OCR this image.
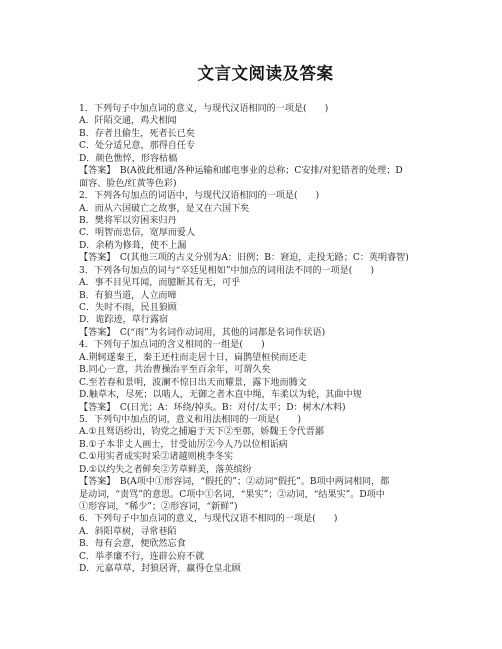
文言文阅读及答案
1．下列句子中加点词的意义，与现代汉语相同的一项是(　　)
A．阡陌交通，鸡犬相闻
B．存者且偷生，死者长已矣
C．处分适兄意，那得自任专
D．颜色憔悴，形容枯槁
【答案】　B(A彼此相通/各种运输和邮电事业的总称；C安排/对犯错者的处理；D
面容、脸色/红黄等色彩)
2．下列各句加点的词语中，与现代汉语相同的一项是(　　)
A．而从六国破亡之故事，是又在六国下矣
B．樊将军以穷困来归丹
C．明智而忠信，宽厚而爱人
D．余稍为修葺，使不上漏
【答案】　C(其他三项的古义分别为A：旧例；B：窘迫，走投无路；C：英明睿智)
3．下列各句加点的词与“卒廷见相如”中加点的词用法不同的一项是(　　)
A．事不目见耳闻，而臆断其有无，可乎
B．有狼当道，人立而啼
C．失时不雨，民且狼顾
D．诡踪迹，草行露宿
【答案】　C(“雨”为名词作动词用，其他的词都是名词作状语)
4．下列句子加点词的含义相同的一组是(　　)
A.荆轲遂秦王，秦王还柱而走居十日，扁鹊望桓侯而还走
B.同心一意，共治曹操治平至百余年，可谓久矣
C.至若春和景明，波澜不惊日出天而耀景，露下地而腾文
D.触草木，尽死；以啮人，无御之者木直中绳，车柔以为轮，其曲中规
【答案】　C(日光；A：环绕/掉头。B：对付/太平；D：树木/木料)
5．下列句中加点的词，意义和用法相同的一项是(　　)
A.①且驽语纷出，钧党之捕遍于天下②至鄣，娇魏王令代晋鄙
B.①子本非丈人画士，甘受讪厉②今人乃以位相诟病
C.①用实者成实时采②诸越则桃李冬实
D.①以约失之者鲜矣②芳草鲜美，落英缤纷
【答案】　B(A项中①形容词，“假托的”；②动词“假托”。B项中两词相同，都
是动词，“责骂”的意思。C项中①名词，“果实”；②动词，“结果实”。D项中
①形容词，“稀少”；②形容词，“新鲜”)
6．下列句子中加点词的意义，与现代汉语不相同的一项是(　　)
A．斜阳草树，寻常巷陌
B．每有会意，便欣然忘食
C．举孝廉不行，连辟公府不就
D．元嘉草草，封狼居胥，赢得仓皇北顾
